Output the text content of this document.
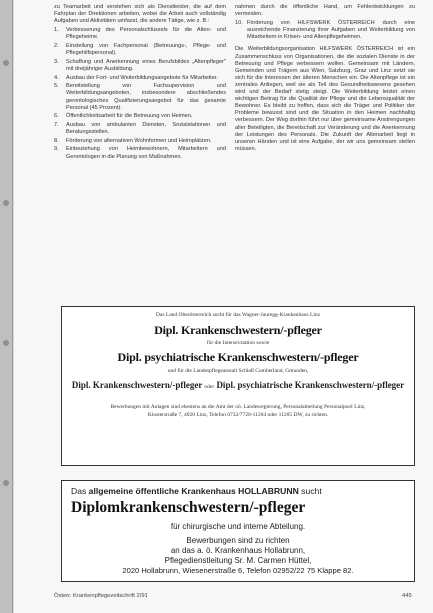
zu Teamarbeit und verstehen sich als Dienstleister, die auf dem Fahrplan der Direktionen arbeiten, wobei die Arbeit auch vollständig Aufgaben und Aktivitäten umfasst, die andere Tätige, wie z. B.:

1.	Verbesserung des Personalschlüssels für die Alten- und Pflegeheime.
2.	Einstellung von Fachpersonal (Betreuungs-, Pflege- und Pflegehilfspersonal).
3.	Schaffung und Anerkennung eines Berufsbildes „Altenpfleger" mit dreijähriger Ausbildung.
4.	Ausbau der Fort- und Weiterbildungsangebote für Mitarbeiter.
5.	Bereitstellung von Fachsupervision und Weiterbildungsangeboten, insbesondere abschließendes gerontologisches Qualifizierungsangebot für das gesamte Personal (45 Prozent).
6.	Öffentlichkeitsarbeit für die Betreuung von Heimen.
7.	Ausbau von ambulanten Diensten, Sozialstationen und Beratungsstellen.
8.	Förderung von alternativen Wohnformen und Heimplätzen.
9.	Einbeziehung von Heimbewohnern, Mitarbeitern und Gerontologen in die Planung von Maßnahmen.

nahmen durch die öffentliche Hand, um Fehlentwicklungen zu vermeiden.

10. Förderung von HILFSWERK ÖSTERREICH durch eine ausreichende Finanzierung ihrer Aufgaben und Weiterbildung von Mitarbeitern in Krisen- und Altenpflegeheimen.

Die Weiterbildungsorganisation HILFSWERK ÖSTERREICH ist ein Zusammenschluss von Organisationen, die die sozialen Dienste in der Betreuung und Pflege verbessern wollen. Gemeinsam mit Ländern, Gemeinden und Trägern aus Wien, Salzburg, Graz und Linz setzt sie sich für die Interessen der älteren Menschen ein. Die Altenpflege ist ein zentrales Anliegen, weil sie als Teil des Gesundheitswesens gesehen wird und der Bedarf stetig steigt. Die Weiterbildung leistet einen wichtigen Beitrag für die Qualität der Pflege und die Lebensqualität der Bewohner. Es bleibt zu hoffen, dass sich die Träger und Politiker der Probleme bewusst sind und die Situation in den Heimen nachhaltig verbessern. Der Weg dorthin führt nur über gemeinsame Anstrengungen aller Beteiligten, die Bereitschaft zur Veränderung und die Anerkennung der Leistungen des Personals. Die Zukunft der Altenarbeit liegt in unseren Händen und ist eine Aufgabe, der wir uns gemeinsam stellen müssen.

Das Land Oberösterreich sucht für das Wagner-Jauregg-Krankenhaus Linz
Dipl. Krankenschwestern/-pfleger
für die Intensivstation sowie
Dipl. psychiatrische Krankenschwestern/-pfleger
und für die Landespflegeanstalt Schloß Cumberland, Gmunden,
Dipl. Krankenschwestern/-pfleger oder Dipl. psychiatrische Krankenschwestern/-pfleger
Bewerbungen mit Anlagen sind ehestens an die Amt der oö. Landesregierung, Personalabteilung Personalpool Linz,
Klosterstraße 7, 4020 Linz, Telefon 0732/7720-11204 oder 11205 DW, zu richten.
Das allgemeine öffentliche Krankenhaus HOLLABRUNN sucht
Diplomkrankenschwestern/-pfleger
für chirurgische und interne Abteilung.
Bewerbungen sind zu richten
an das a. ö. Krankenhaus Hollabrunn,
Pflegedienstleitung Sr. M. Carmen Hüttel,
2020 Hollabrunn, Wiesenerstraße 6, Telefon 02952/22 75 Klappe 82.
Österr. Krankenpflegezeitschrift 2/91	445
